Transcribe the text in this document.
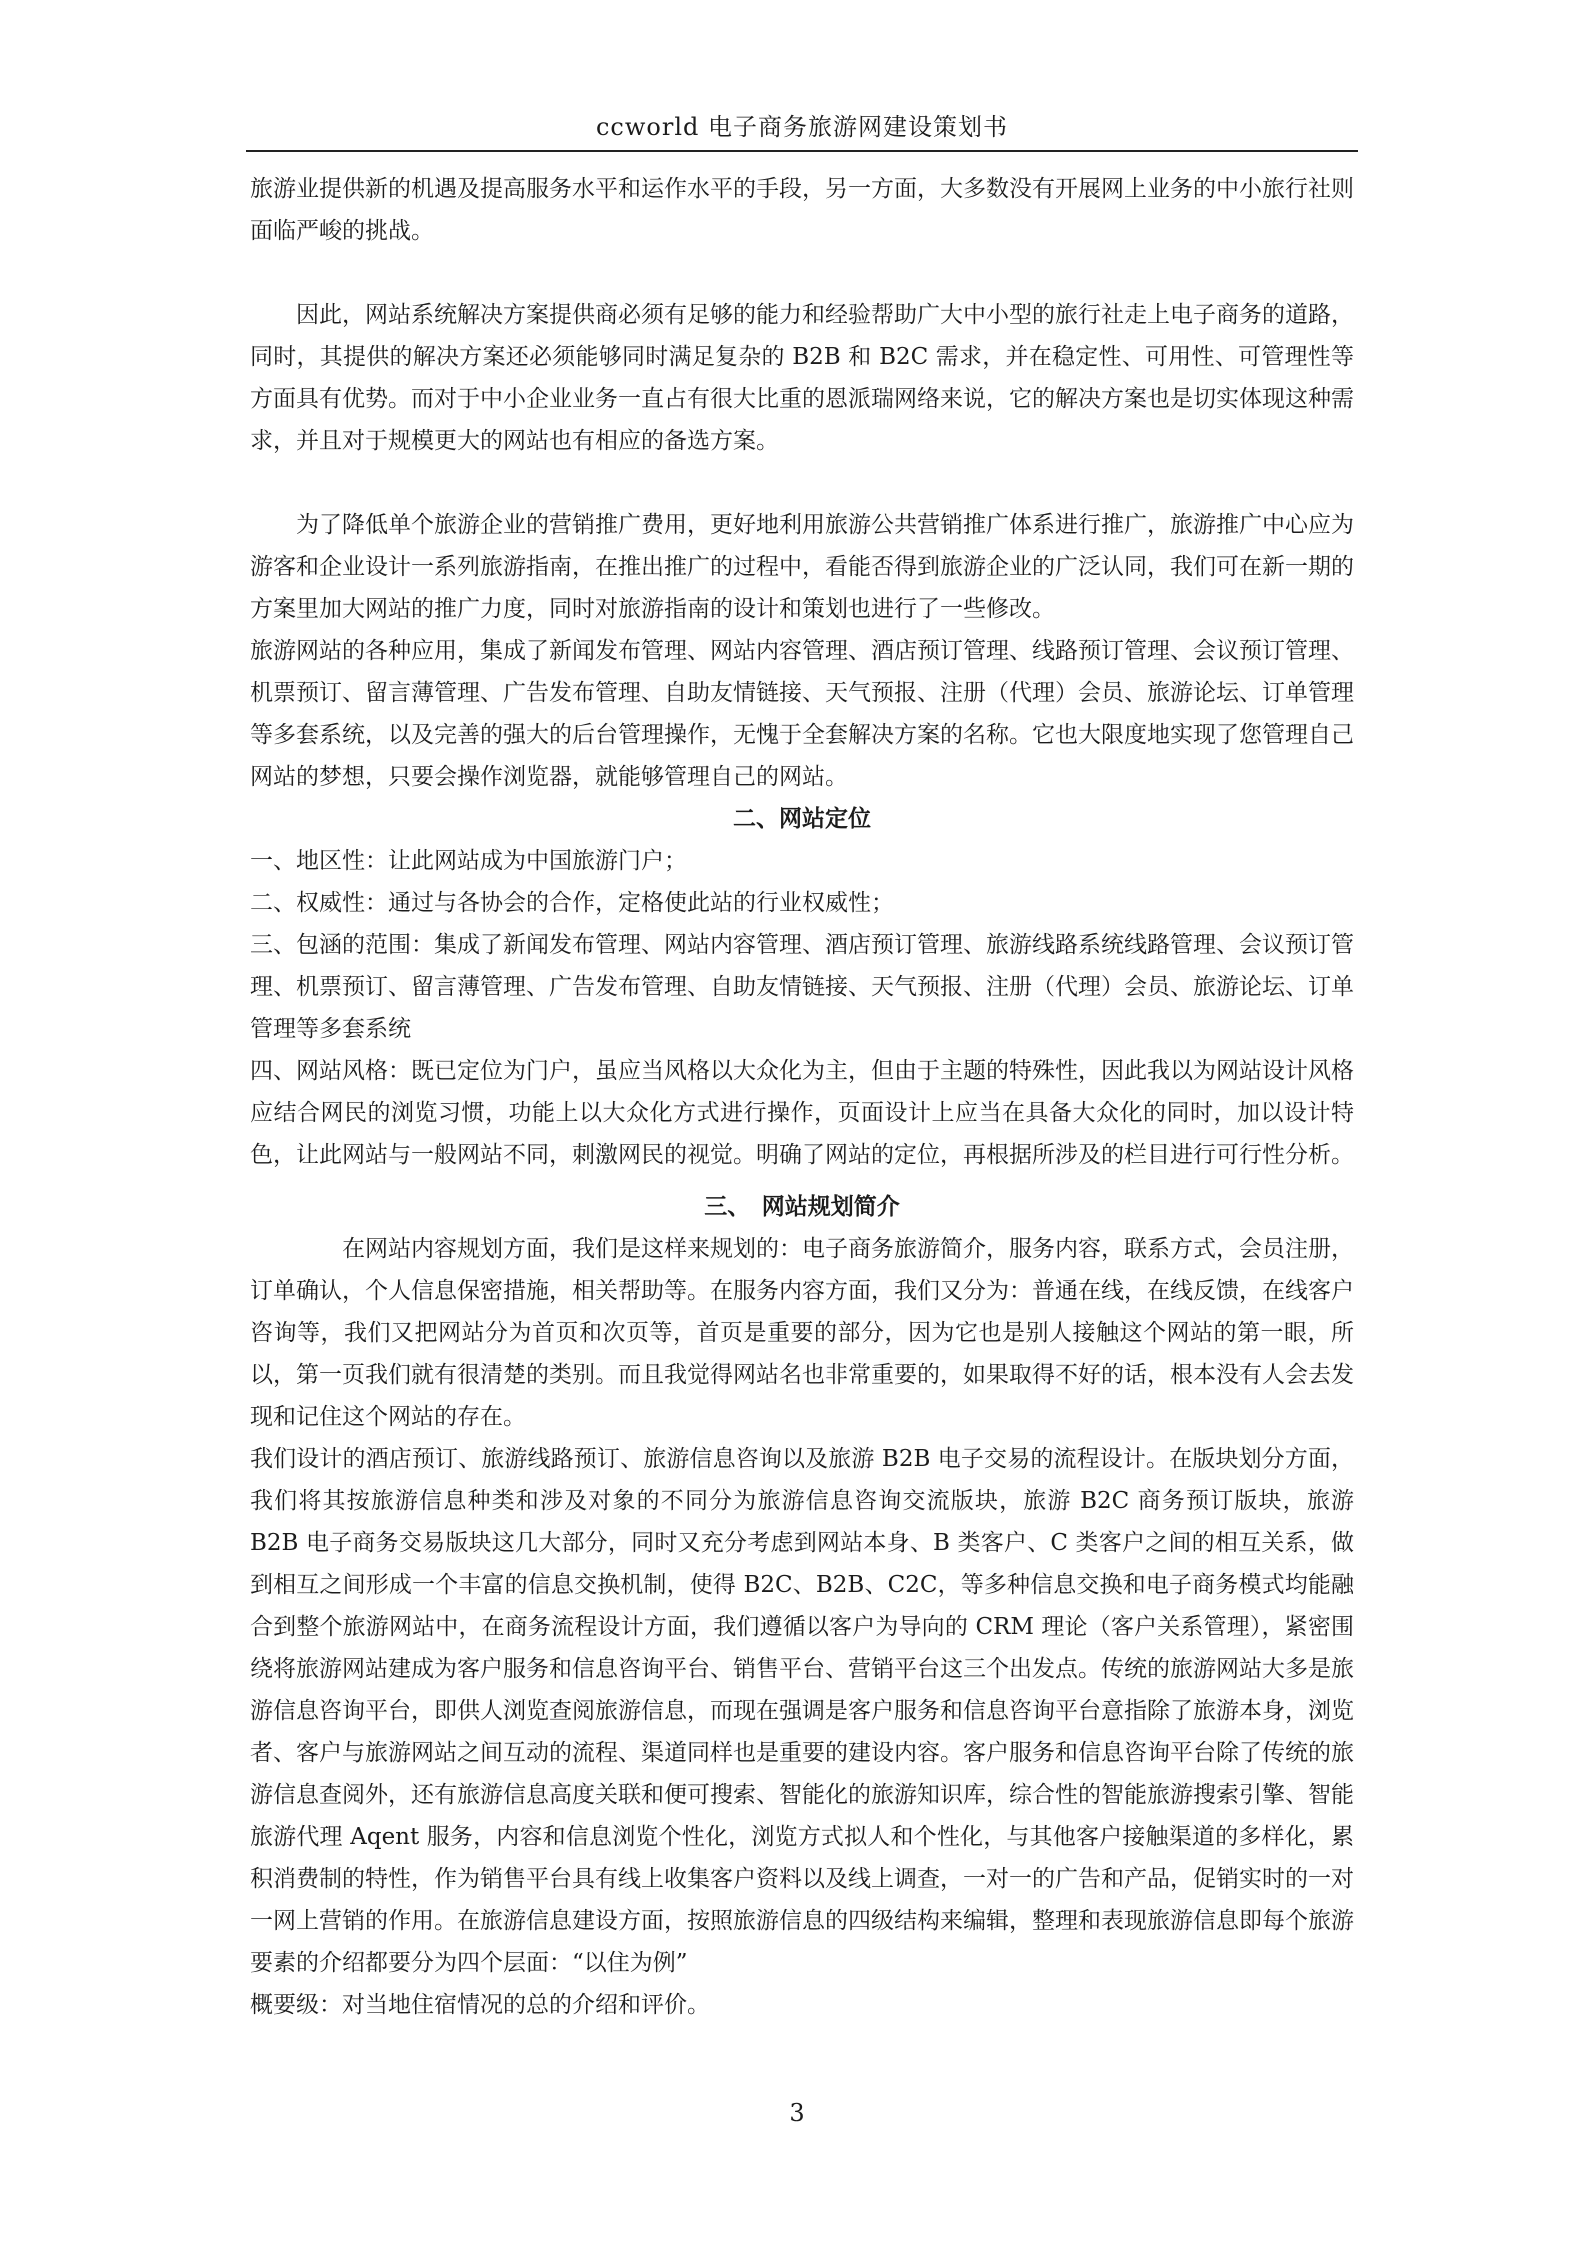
ccworld 电子商务旅游网建设策划书

旅游业提供新的机遇及提高服务水平和运作水平的手段，另一方面，大多数没有开展网上业务的中小旅行社则面临严峻的挑战。

因此，网站系统解决方案提供商必须有足够的能力和经验帮助广大中小型的旅行社走上电子商务的道路，同时，其提供的解决方案还必须能够同时满足复杂的 B2B 和 B2C 需求，并在稳定性、可用性、可管理性等方面具有优势。而对于中小企业业务一直占有很大比重的恩派瑞网络来说，它的解决方案也是切实体现这种需求，并且对于规模更大的网站也有相应的备选方案。

为了降低单个旅游企业的营销推广费用，更好地利用旅游公共营销推广体系进行推广，旅游推广中心应为游客和企业设计一系列旅游指南，在推出推广的过程中，看能否得到旅游企业的广泛认同，我们可在新一期的方案里加大网站的推广力度，同时对旅游指南的设计和策划也进行了一些修改。

旅游网站的各种应用，集成了新闻发布管理、网站内容管理、酒店预订管理、线路预订管理、会议预订管理、机票预订、留言薄管理、广告发布管理、自助友情链接、天气预报、注册（代理）会员、旅游论坛、订单管理等多套系统，以及完善的强大的后台管理操作，无愧于全套解决方案的名称。它也大限度地实现了您管理自己网站的梦想，只要会操作浏览器，就能够管理自己的网站。

二、网站定位

一、地区性：让此网站成为中国旅游门户；

二、权威性：通过与各协会的合作，定格使此站的行业权威性；

三、包涵的范围：集成了新闻发布管理、网站内容管理、酒店预订管理、旅游线路系统线路管理、会议预订管理、机票预订、留言薄管理、广告发布管理、自助友情链接、天气预报、注册（代理）会员、旅游论坛、订单管理等多套系统

四、网站风格：既已定位为门户，虽应当风格以大众化为主，但由于主题的特殊性，因此我以为网站设计风格应结合网民的浏览习惯，功能上以大众化方式进行操作，页面设计上应当在具备大众化的同时，加以设计特色，让此网站与一般网站不同，刺激网民的视觉。明确了网站的定位，再根据所涉及的栏目进行可行性分析。

三、　网站规划简介

在网站内容规划方面，我们是这样来规划的：电子商务旅游简介，服务内容，联系方式，会员注册，订单确认，个人信息保密措施，相关帮助等。在服务内容方面，我们又分为：普通在线，在线反馈，在线客户咨询等，我们又把网站分为首页和次页等，首页是重要的部分，因为它也是别人接触这个网站的第一眼，所以，第一页我们就有很清楚的类别。而且我觉得网站名也非常重要的，如果取得不好的话，根本没有人会去发现和记住这个网站的存在。

我们设计的酒店预订、旅游线路预订、旅游信息咨询以及旅游 B2B 电子交易的流程设计。在版块划分方面，我们将其按旅游信息种类和涉及对象的不同分为旅游信息咨询交流版块，旅游 B2C 商务预订版块，旅游 B2B 电子商务交易版块这几大部分，同时又充分考虑到网站本身、B 类客户、C 类客户之间的相互关系，做到相互之间形成一个丰富的信息交换机制，使得 B2C、B2B、C2C，等多种信息交换和电子商务模式均能融合到整个旅游网站中，在商务流程设计方面，我们遵循以客户为导向的 CRM 理论（客户关系管理），紧密围绕将旅游网站建成为客户服务和信息咨询平台、销售平台、营销平台这三个出发点。传统的旅游网站大多是旅游信息咨询平台，即供人浏览查阅旅游信息，而现在强调是客户服务和信息咨询平台意指除了旅游本身，浏览者、客户与旅游网站之间互动的流程、渠道同样也是重要的建设内容。客户服务和信息咨询平台除了传统的旅游信息查阅外，还有旅游信息高度关联和便可搜索、智能化的旅游知识库，综合性的智能旅游搜索引擎、智能旅游代理 Aqent 服务，内容和信息浏览个性化，浏览方式拟人和个性化，与其他客户接触渠道的多样化，累积消费制的特性，作为销售平台具有线上收集客户资料以及线上调查，一对一的广告和产品，促销实时的一对一网上营销的作用。在旅游信息建设方面，按照旅游信息的四级结构来编辑，整理和表现旅游信息即每个旅游要素的介绍都要分为四个层面：“以住为例”

概要级：对当地住宿情况的总的介绍和评价。

3
